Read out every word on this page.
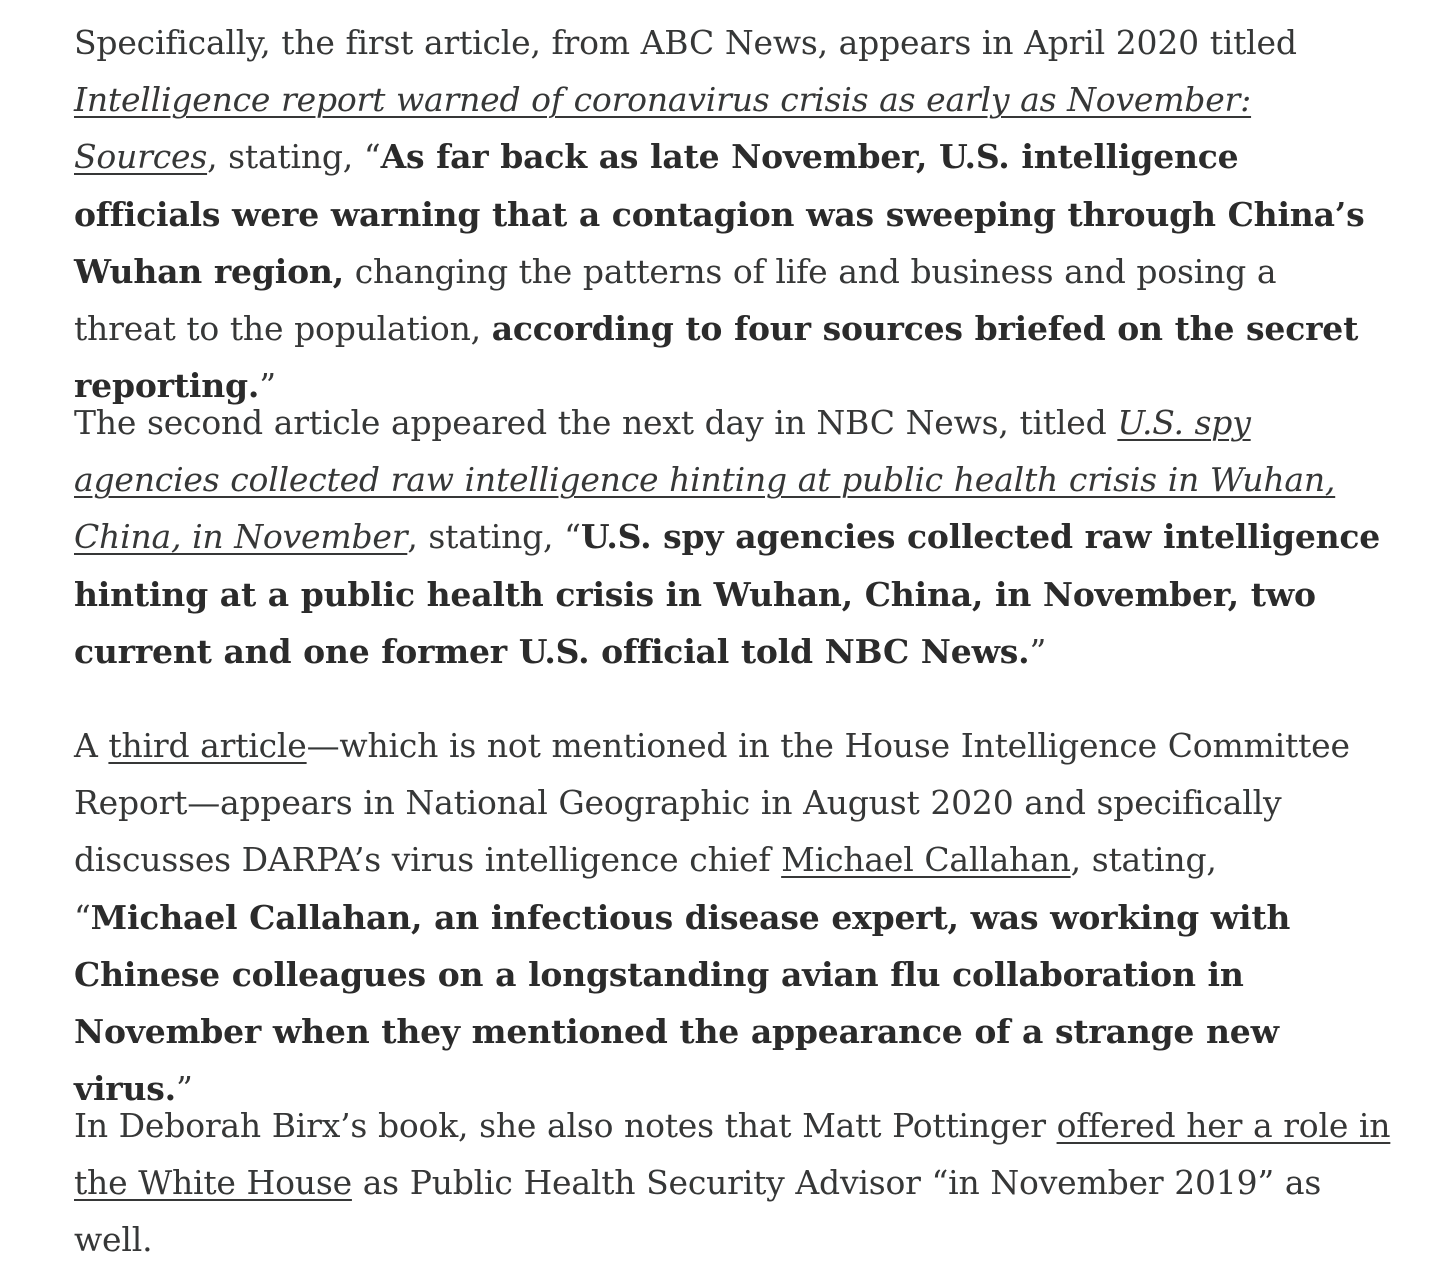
Specifically, the first article, from ABC News, appears in April 2020 titled Intelligence report warned of coronavirus crisis as early as November: Sources, stating, “As far back as late November, U.S. intelligence officials were warning that a contagion was sweeping through China’s Wuhan region, changing the patterns of life and business and posing a threat to the population, according to four sources briefed on the secret reporting.”

The second article appeared the next day in NBC News, titled U.S. spy agencies collected raw intelligence hinting at public health crisis in Wuhan, China, in November, stating, “U.S. spy agencies collected raw intelligence hinting at a public health crisis in Wuhan, China, in November, two current and one former U.S. official told NBC News.”

A third article—which is not mentioned in the House Intelligence Committee Report—appears in National Geographic in August 2020 and specifically discusses DARPA’s virus intelligence chief Michael Callahan, stating, “Michael Callahan, an infectious disease expert, was working with Chinese colleagues on a longstanding avian flu collaboration in November when they mentioned the appearance of a strange new virus.”

In Deborah Birx’s book, she also notes that Matt Pottinger offered her a role in the White House as Public Health Security Advisor “in November 2019” as well.
